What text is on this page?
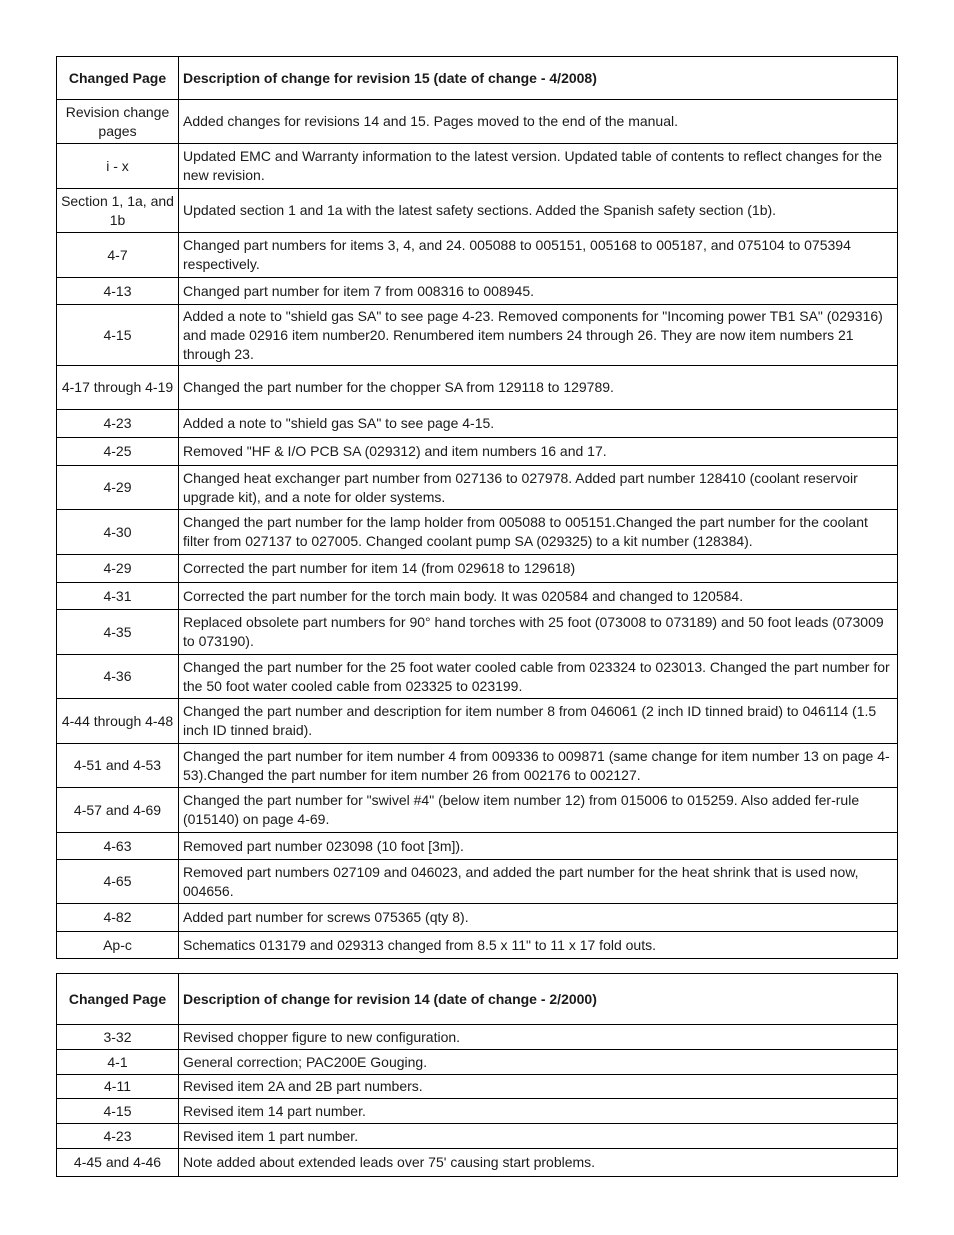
Changed Page	Description of change for revision 15 (date of change - 4/2008)
Revision change pages	Added changes for revisions 14 and 15. Pages moved to the end of the manual.
i - x	Updated EMC and Warranty information to the latest version. Updated table of contents to reflect changes for the new revision.
Section 1, 1a, and 1b	Updated section 1 and 1a with the latest safety sections. Added the Spanish safety section (1b).
4-7	Changed part numbers for items 3, 4, and 24. 005088 to 005151, 005168 to 005187, and 075104 to 075394 respectively.
4-13	Changed part number for item 7 from 008316 to 008945.
4-15	Added a note to "shield gas SA" to see page 4-23. Removed components for "Incoming power TB1 SA" (029316) and made 02916 item number20. Renumbered item numbers 24 through 26. They are now item numbers 21 through 23.
4-17 through 4-19	Changed the part number for the chopper SA from 129118 to 129789.
4-23	Added a note to "shield gas SA" to see page 4-15.
4-25	Removed "HF & I/O PCB SA (029312) and item numbers 16 and 17.
4-29	Changed heat exchanger part number from 027136 to 027978. Added part number 128410 (coolant reservoir upgrade kit), and a note for older systems.
4-30	Changed the part number for the lamp holder from 005088 to 005151.Changed the part number for the coolant filter from 027137 to 027005. Changed coolant pump SA (029325) to a kit number (128384).
4-29	Corrected the part number for item 14 (from 029618 to 129618)
4-31	Corrected the part number for the torch main body. It was 020584 and changed to 120584.
4-35	Replaced obsolete part numbers for 90° hand torches with 25 foot (073008 to 073189) and 50 foot leads (073009 to 073190).
4-36	Changed the part number for the 25 foot water cooled cable from 023324 to 023013. Changed the part number for the 50 foot water cooled cable from 023325 to 023199.
4-44 through 4-48	Changed the part number and description for item number 8 from 046061 (2 inch ID tinned braid) to 046114 (1.5 inch ID tinned braid).
4-51 and 4-53	Changed the part number for item number 4 from 009336 to 009871 (same change for item number 13 on page 4-53).Changed the part number for item number 26 from 002176 to 002127.
4-57 and 4-69	Changed the part number for "swivel #4" (below item number 12) from 015006 to 015259. Also added fer-rule (015140) on page 4-69.
4-63	Removed part number 023098 (10 foot [3m]).
4-65	Removed part numbers 027109 and 046023, and added the part number for the heat shrink that is used now, 004656.
4-82	Added part number for screws 075365 (qty 8).
Ap-c	Schematics 013179 and 029313 changed from 8.5 x 11" to 11 x 17 fold outs.
Changed Page	Description of change for revision 14 (date of change - 2/2000)
3-32	Revised chopper figure to new configuration.
4-1	General correction; PAC200E Gouging.
4-11	Revised item 2A and 2B part numbers.
4-15	Revised item 14 part number.
4-23	Revised item 1 part number.
4-45 and 4-46	Note added about extended leads over 75' causing start problems.
